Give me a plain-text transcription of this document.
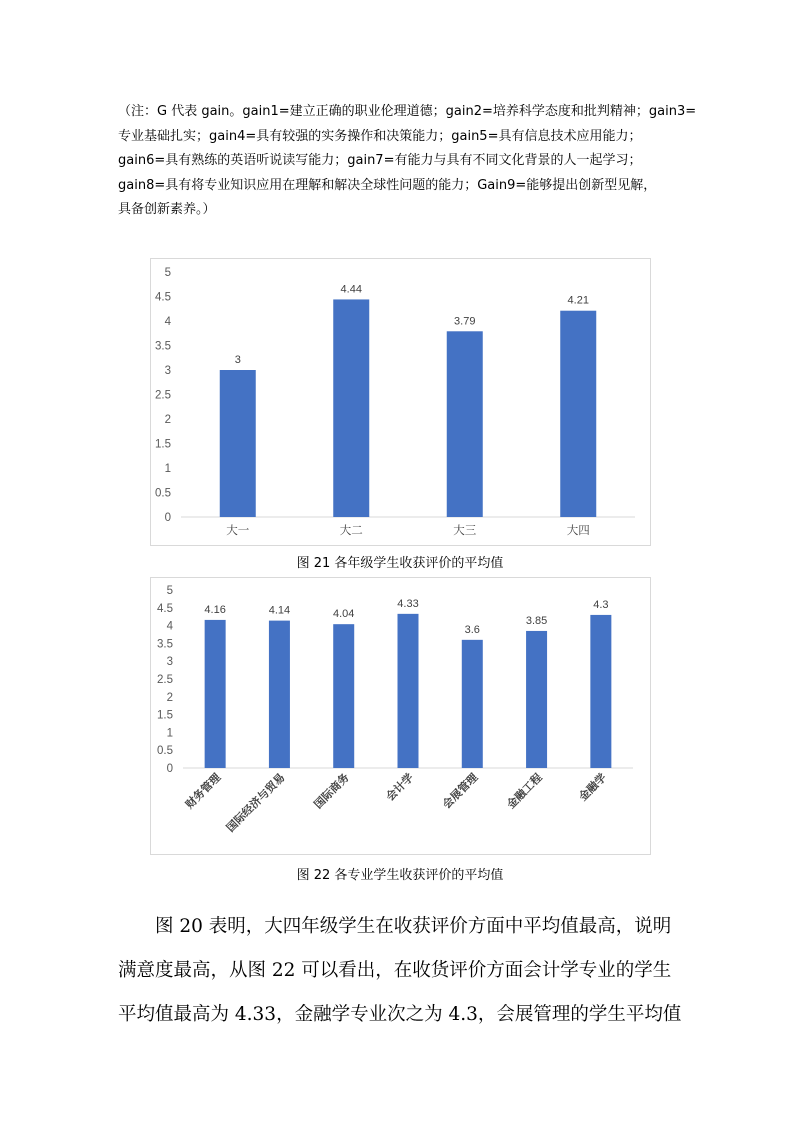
（注：G 代表 gain。gain1=建立正确的职业伦理道德；gain2=培养科学态度和批判精神；gain3=

专业基础扎实；gain4=具有较强的实务操作和决策能力；gain5=具有信息技术应用能力；

gain6=具有熟练的英语听说读写能力；gain7=有能力与具有不同文化背景的人一起学习；

gain8=具有将专业知识应用在理解和解决全球性问题的能力；Gain9=能够提出创新型见解，

具备创新素养。）

0
0.5
1
1.5
2
2.5
3
3.5
4
4.5
5
3
大一
4.44
大二
3.79
大三
4.21
大四
图 21 各年级学生收获评价的平均值
0
0.5
1
1.5
2
2.5
3
3.5
4
4.5
5
4.16
财务管理
4.14
国际经济与贸易
4.04
国际商务
4.33
会计学
3.6
会展管理
3.85
金融工程
4.3
金融学
图 22 各专业学生收获评价的平均值

图 20 表明，大四年级学生在收获评价方面中平均值最高，说明

满意度最高，从图 22 可以看出，在收货评价方面会计学专业的学生

平均值最高为 4.33，金融学专业次之为 4.3，会展管理的学生平均值
